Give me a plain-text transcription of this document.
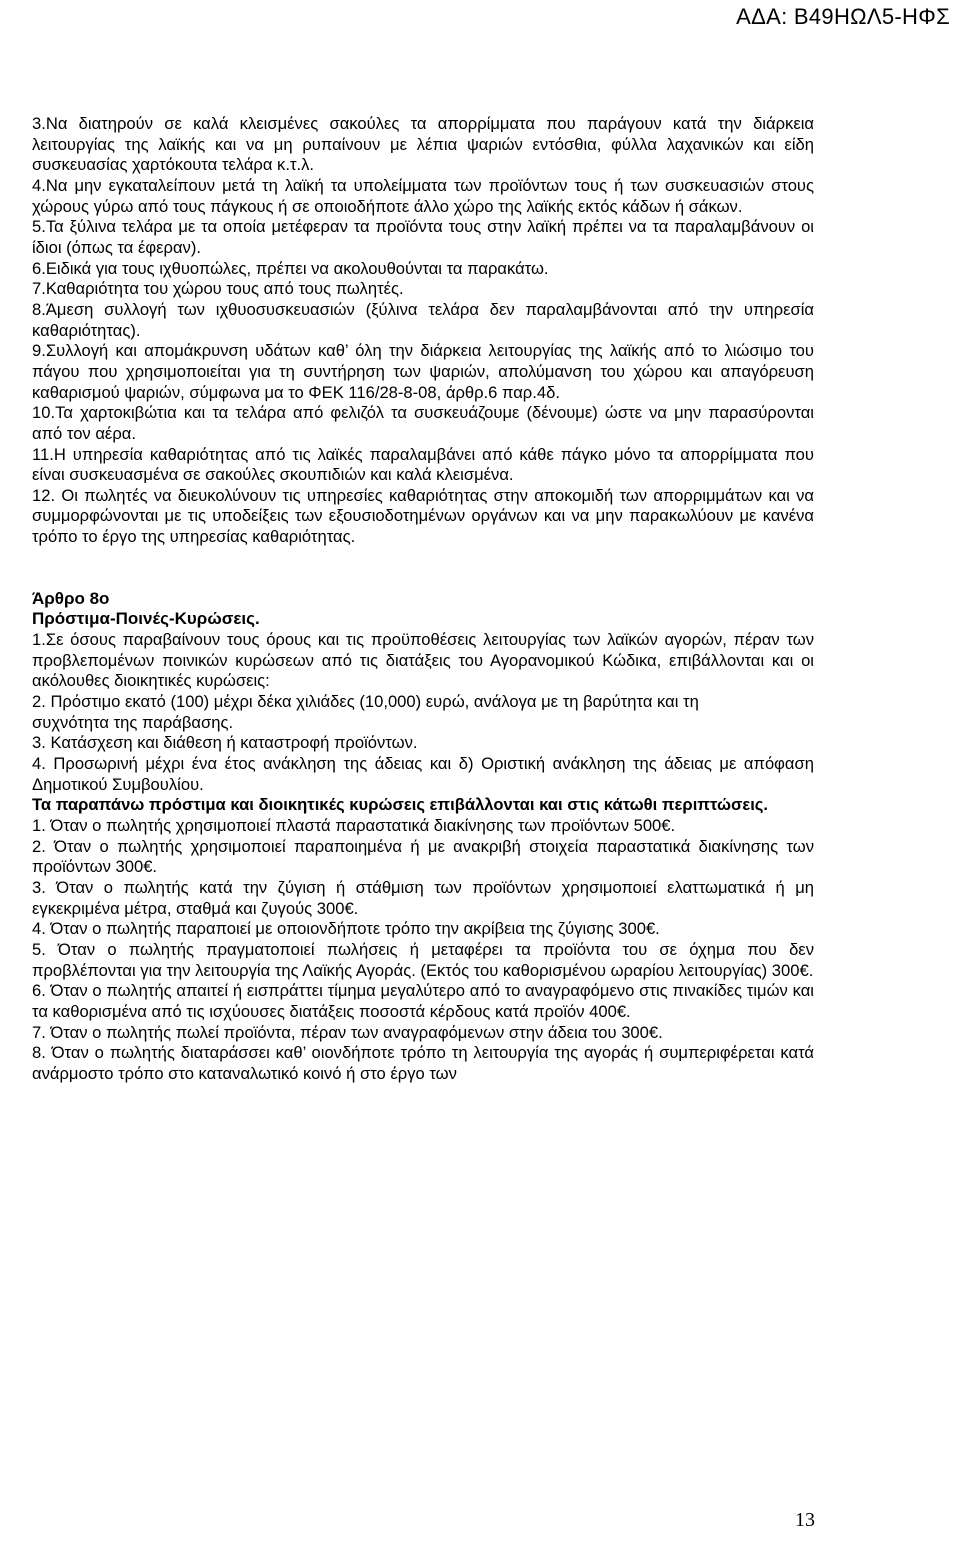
ΑΔΑ: Β49ΗΩΛ5-ΗΦΣ

3.Να διατηρούν σε καλά κλεισμένες σακούλες τα απορρίμματα που παράγουν κατά την διάρκεια λειτουργίας της λαϊκής και να μη ρυπαίνουν με λέπια ψαριών εντόσθια, φύλλα λαχανικών και είδη συσκευασίας χαρτόκουτα τελάρα κ.τ.λ.

4.Να μην εγκαταλείπουν μετά τη λαϊκή τα υπολείμματα των προϊόντων τους ή των συσκευασιών στους χώρους γύρω από τους πάγκους ή σε οποιοδήποτε άλλο χώρο της λαϊκής εκτός κάδων ή σάκων.

5.Τα ξύλινα τελάρα με τα οποία μετέφεραν τα προϊόντα τους στην λαϊκή πρέπει να τα παραλαμβάνουν οι ίδιοι (όπως τα έφεραν).

6.Ειδικά για τους ιχθυοπώλες, πρέπει να ακολουθούνται τα παρακάτω.

7.Καθαριότητα του χώρου τους από τους πωλητές.

8.Άμεση συλλογή των ιχθυοσυσκευασιών (ξύλινα τελάρα δεν παραλαμβάνονται από την υπηρεσία καθαριότητας).

9.Συλλογή και απομάκρυνση υδάτων καθ’ όλη την διάρκεια λειτουργίας της λαϊκής από το λιώσιμο του πάγου που χρησιμοποιείται για τη συντήρηση των ψαριών, απολύμανση του χώρου και απαγόρευση καθαρισμού ψαριών, σύμφωνα μα το ΦΕΚ 116/28-8-08, άρθρ.6 παρ.4δ.

10.Τα χαρτοκιβώτια και τα τελάρα από φελιζόλ τα συσκευάζουμε (δένουμε) ώστε να μην παρασύρονται από τον αέρα.

11.Η υπηρεσία καθαριότητας από τις λαϊκές παραλαμβάνει από κάθε πάγκο μόνο τα απορρίμματα που είναι συσκευασμένα σε σακούλες σκουπιδιών και καλά κλεισμένα.

12. Οι πωλητές να διευκολύνουν τις υπηρεσίες καθαριότητας στην αποκομιδή των απορριμμάτων και να συμμορφώνονται με τις υποδείξεις των εξουσιοδοτημένων οργάνων και να μην παρακωλύουν με κανένα τρόπο το έργο της υπηρεσίας καθαριότητας.

Άρθρο 8ο

Πρόστιμα-Ποινές-Κυρώσεις.

1.Σε όσους παραβαίνουν τους όρους και τις προϋποθέσεις λειτουργίας των λαϊκών αγορών, πέραν των προβλεπομένων ποινικών κυρώσεων από τις διατάξεις του Αγορανομικού Κώδικα, επιβάλλονται και οι ακόλουθες διοικητικές κυρώσεις:

2. Πρόστιμο εκατό (100) μέχρι δέκα χιλιάδες (10,000) ευρώ, ανάλογα με τη βαρύτητα και τη

συχνότητα της παράβασης.

3. Κατάσχεση και διάθεση ή καταστροφή προϊόντων.

4. Προσωρινή μέχρι ένα έτος ανάκληση της άδειας και δ) Οριστική ανάκληση της άδειας με απόφαση Δημοτικού Συμβουλίου.

Τα παραπάνω πρόστιμα και διοικητικές κυρώσεις επιβάλλονται και στις κάτωθι περιπτώσεις.

1. Όταν ο πωλητής χρησιμοποιεί πλαστά παραστατικά διακίνησης των προϊόντων 500€.

2. Όταν ο πωλητής χρησιμοποιεί παραποιημένα ή με ανακριβή στοιχεία παραστατικά διακίνησης των προϊόντων 300€.

3. Όταν ο πωλητής κατά την ζύγιση ή στάθμιση των προϊόντων χρησιμοποιεί ελαττωματικά ή μη εγκεκριμένα μέτρα, σταθμά και ζυγούς 300€.

4. Όταν ο πωλητής παραποιεί με οποιονδήποτε τρόπο την ακρίβεια της ζύγισης 300€.

5. Όταν ο πωλητής πραγματοποιεί πωλήσεις ή μεταφέρει τα προϊόντα του σε όχημα που δεν προβλέπονται για την λειτουργία της Λαϊκής Αγοράς. (Εκτός του καθορισμένου ωραρίου λειτουργίας) 300€.

6. Όταν ο πωλητής απαιτεί ή εισπράττει τίμημα μεγαλύτερο από το αναγραφόμενο στις πινακίδες τιμών και τα καθορισμένα από τις ισχύουσες διατάξεις ποσοστά κέρδους κατά προϊόν 400€.

7. Όταν ο πωλητής πωλεί προϊόντα, πέραν των αναγραφόμενων στην άδεια του 300€.

8. Όταν ο πωλητής διαταράσσει καθ’ οιονδήποτε τρόπο τη λειτουργία της αγοράς ή συμπεριφέρεται κατά ανάρμοστο τρόπο στο καταναλωτικό κοινό ή στο έργο των

13
